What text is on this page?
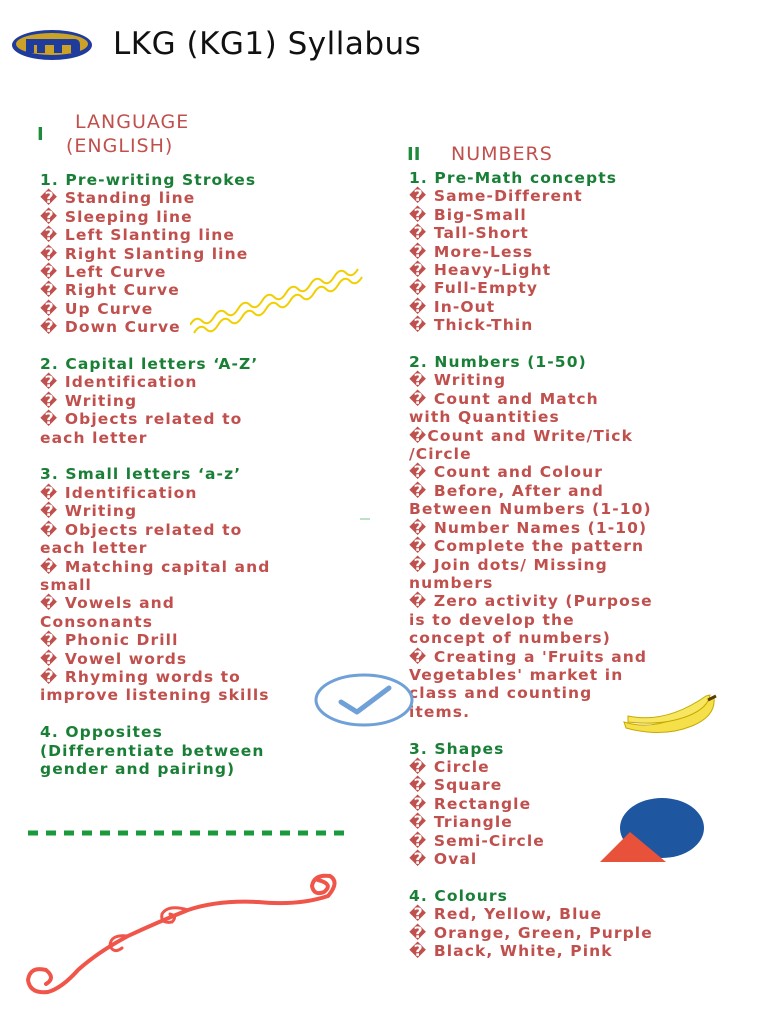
LKG (KG1) Syllabus
I
LANGUAGE
(ENGLISH)	II NUMBERS
1. Pre-writing Strokes
� Standing line
� Sleeping line
� Left Slanting line
� Right Slanting line
� Left Curve
� Right Curve
� Up Curve
� Down Curve
2. Capital letters ‘A-Z’
� Identification
� Writing
� Objects related to
each letter
3. Small letters ‘a-z’
� Identification
� Writing
� Objects related to
each letter
� Matching capital and
small
� Vowels and
Consonants
� Phonic Drill
� Vowel words
� Rhyming words to
improve listening skills
4. Opposites
(Differentiate between
gender and pairing)
1. Pre-Math concepts
� Same-Different
� Big-Small
� Tall-Short
� More-Less
� Heavy-Light
� Full-Empty
� In-Out
� Thick-Thin
2. Numbers (1-50)
� Writing
� Count and Match
with Quantities
�Count and Write/Tick
/Circle
� Count and Colour
� Before, After and
Between Numbers (1-10)
� Number Names (1-10)
� Complete the pattern
� Join dots/ Missing
numbers
� Zero activity (Purpose
is to develop the
concept of numbers)
� Creating a 'Fruits and
Vegetables' market in
class and counting
items.
3. Shapes
� Circle
� Square
� Rectangle
� Triangle
� Semi-Circle
� Oval
4. Colours
� Red, Yellow, Blue
� Orange, Green, Purple
� Black, White, Pink
